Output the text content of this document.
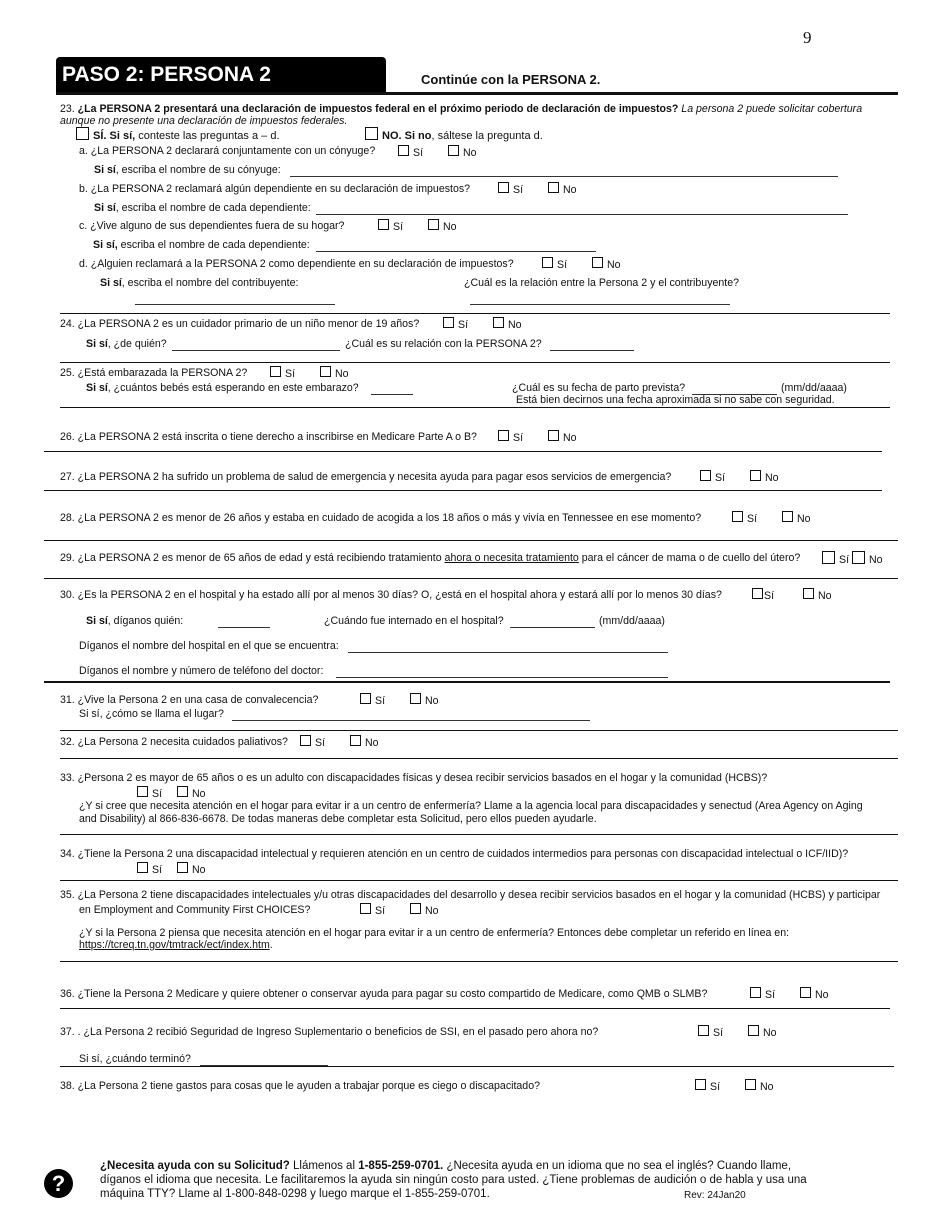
9
PASO 2: PERSONA 2	Continúe con la PERSONA 2.
23. ¿La PERSONA 2 presentará una declaración de impuestos federal en el próximo periodo de declaración de impuestos? La persona 2 puede solicitar cobertura
aunque no presente una declaración de impuestos federales.
SÍ. Si sí, conteste las preguntas a – d.	NO. Si no, sáltese la pregunta d.
a. ¿La PERSONA 2 declarará conjuntamente con un cónyuge?	Sí	No
Si sí, escriba el nombre de su cónyuge:
b. ¿La PERSONA 2 reclamará algún dependiente en su declaración de impuestos?	Sí	No
Si sí, escriba el nombre de cada dependiente:
c. ¿Vive alguno de sus dependientes fuera de su hogar?	Sí	No
Si sí, escriba el nombre de cada dependiente:
d. ¿Alguien reclamará a la PERSONA 2 como dependiente en su declaración de impuestos?	Sí	No
Si sí, escriba el nombre del contribuyente:	¿Cuál es la relación entre la Persona 2 y el contribuyente?
24. ¿La PERSONA 2 es un cuidador primario de un niño menor de 19 años?	Sí	No
Si sí, ¿de quién?	¿Cuál es su relación con la PERSONA 2?
25. ¿Está embarazada la PERSONA 2?	Sí	No
Si sí, ¿cuántos bebés está esperando en este embarazo?	¿Cuál es su fecha de parto prevista?	(mm/dd/aaaa)
Está bien decirnos una fecha aproximada si no sabe con seguridad.
26. ¿La PERSONA 2 está inscrita o tiene derecho a inscribirse en Medicare Parte A o B?	Sí	No
27. ¿La PERSONA 2 ha sufrido un problema de salud de emergencia y necesita ayuda para pagar esos servicios de emergencia?	Sí	No
28. ¿La PERSONA 2 es menor de 26 años y estaba en cuidado de acogida a los 18 años o más y vivía en Tennessee en ese momento?	Sí	No
29. ¿La PERSONA 2 es menor de 65 años de edad y está recibiendo tratamiento ahora o necesita tratamiento para el cáncer de mama o de cuello del útero?	Sí No
30. ¿Es la PERSONA 2 en el hospital y ha estado allí por al menos 30 días? O, ¿está en el hospital ahora y estará allí por lo menos 30 días?	Sí	No
Si sí, díganos quién:	¿Cuándo fue internado en el hospital?	(mm/dd/aaaa)
Díganos el nombre del hospital en el que se encuentra:
Díganos el nombre y número de teléfono del doctor:
31. ¿Vive la Persona 2 en una casa de convalecencia?	Sí	No
Si sí, ¿cómo se llama el lugar?
32. ¿La Persona 2 necesita cuidados paliativos?	Sí	No
33. ¿Persona 2 es mayor de 65 años o es un adulto con discapacidades físicas y desea recibir servicios basados en el hogar y la comunidad (HCBS)?
Sí	No
¿Y si cree que necesita atención en el hogar para evitar ir a un centro de enfermería? Llame a la agencia local para discapacidades y senectud (Area Agency on Aging
and Disability) al 866-836-6678. De todas maneras debe completar esta Solicitud, pero ellos pueden ayudarle.
34. ¿Tiene la Persona 2 una discapacidad intelectual y requieren atención en un centro de cuidados intermedios para personas con discapacidad intelectual o ICF/IID)?
Sí	No
35. ¿La Persona 2 tiene discapacidades intelectuales y/u otras discapacidades del desarrollo y desea recibir servicios basados en el hogar y la comunidad (HCBS) y participar
en Employment and Community First CHOICES?	Sí	No
¿Y si la Persona 2 piensa que necesita atención en el hogar para evitar ir a un centro de enfermería? Entonces debe completar un referido en línea en:
https://tcreq.tn.gov/tmtrack/ect/index.htm.
36. ¿Tiene la Persona 2 Medicare y quiere obtener o conservar ayuda para pagar su costo compartido de Medicare, como QMB o SLMB?	Sí	No
37. . ¿La Persona 2 recibió Seguridad de Ingreso Suplementario o beneficios de SSI, en el pasado pero ahora no?	Sí	No
Si sí, ¿cuándo terminó?
38. ¿La Persona 2 tiene gastos para cosas que le ayuden a trabajar porque es ciego o discapacitado?	Sí	No
?
¿Necesita ayuda con su Solicitud? Llámenos al 1-855-259-0701. ¿Necesita ayuda en un idioma que no sea el inglés? Cuando llame,
díganos el idioma que necesita. Le facilitaremos la ayuda sin ningún costo para usted. ¿Tiene problemas de audición o de habla y usa una
máquina TTY? Llame al 1-800-848-0298 y luego marque el 1-855-259-0701.	Rev: 24Jan20
